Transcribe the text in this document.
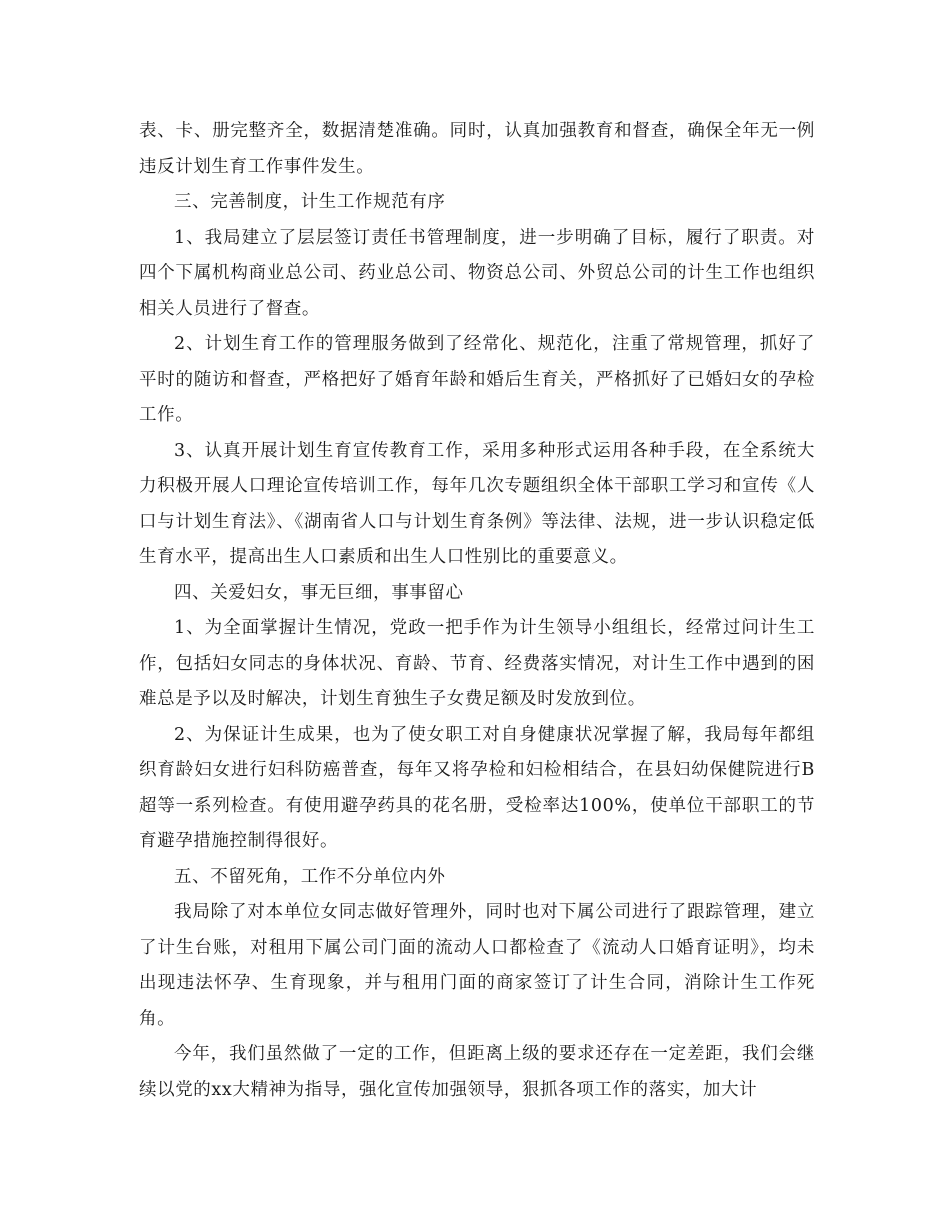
表、卡、册完整齐全，数据清楚准确。同时，认真加强教育和督查，确保全年无一例违反计划生育工作事件发生。

三、完善制度，计生工作规范有序

1、我局建立了层层签订责任书管理制度，进一步明确了目标，履行了职责。对四个下属机构商业总公司、药业总公司、物资总公司、外贸总公司的计生工作也组织相关人员进行了督查。

2、计划生育工作的管理服务做到了经常化、规范化，注重了常规管理，抓好了平时的随访和督查，严格把好了婚育年龄和婚后生育关，严格抓好了已婚妇女的孕检工作。

3、认真开展计划生育宣传教育工作，采用多种形式运用各种手段，在全系统大力积极开展人口理论宣传培训工作，每年几次专题组织全体干部职工学习和宣传《人口与计划生育法》、《湖南省人口与计划生育条例》等法律、法规，进一步认识稳定低生育水平，提高出生人口素质和出生人口性别比的重要意义。

四、关爱妇女，事无巨细，事事留心

1、为全面掌握计生情况，党政一把手作为计生领导小组组长，经常过问计生工作，包括妇女同志的身体状况、育龄、节育、经费落实情况，对计生工作中遇到的困难总是予以及时解决，计划生育独生子女费足额及时发放到位。

2、为保证计生成果，也为了使女职工对自身健康状况掌握了解，我局每年都组织育龄妇女进行妇科防癌普查，每年又将孕检和妇检相结合，在县妇幼保健院进行B超等一系列检查。有使用避孕药具的花名册，受检率达100%，使单位干部职工的节育避孕措施控制得很好。

五、不留死角，工作不分单位内外

我局除了对本单位女同志做好管理外，同时也对下属公司进行了跟踪管理，建立了计生台账，对租用下属公司门面的流动人口都检查了《流动人口婚育证明》，均未出现违法怀孕、生育现象，并与租用门面的商家签订了计生合同，消除计生工作死角。

今年，我们虽然做了一定的工作，但距离上级的要求还存在一定差距，我们会继续以党的xx大精神为指导，强化宣传加强领导，狠抓各项工作的落实，加大计
